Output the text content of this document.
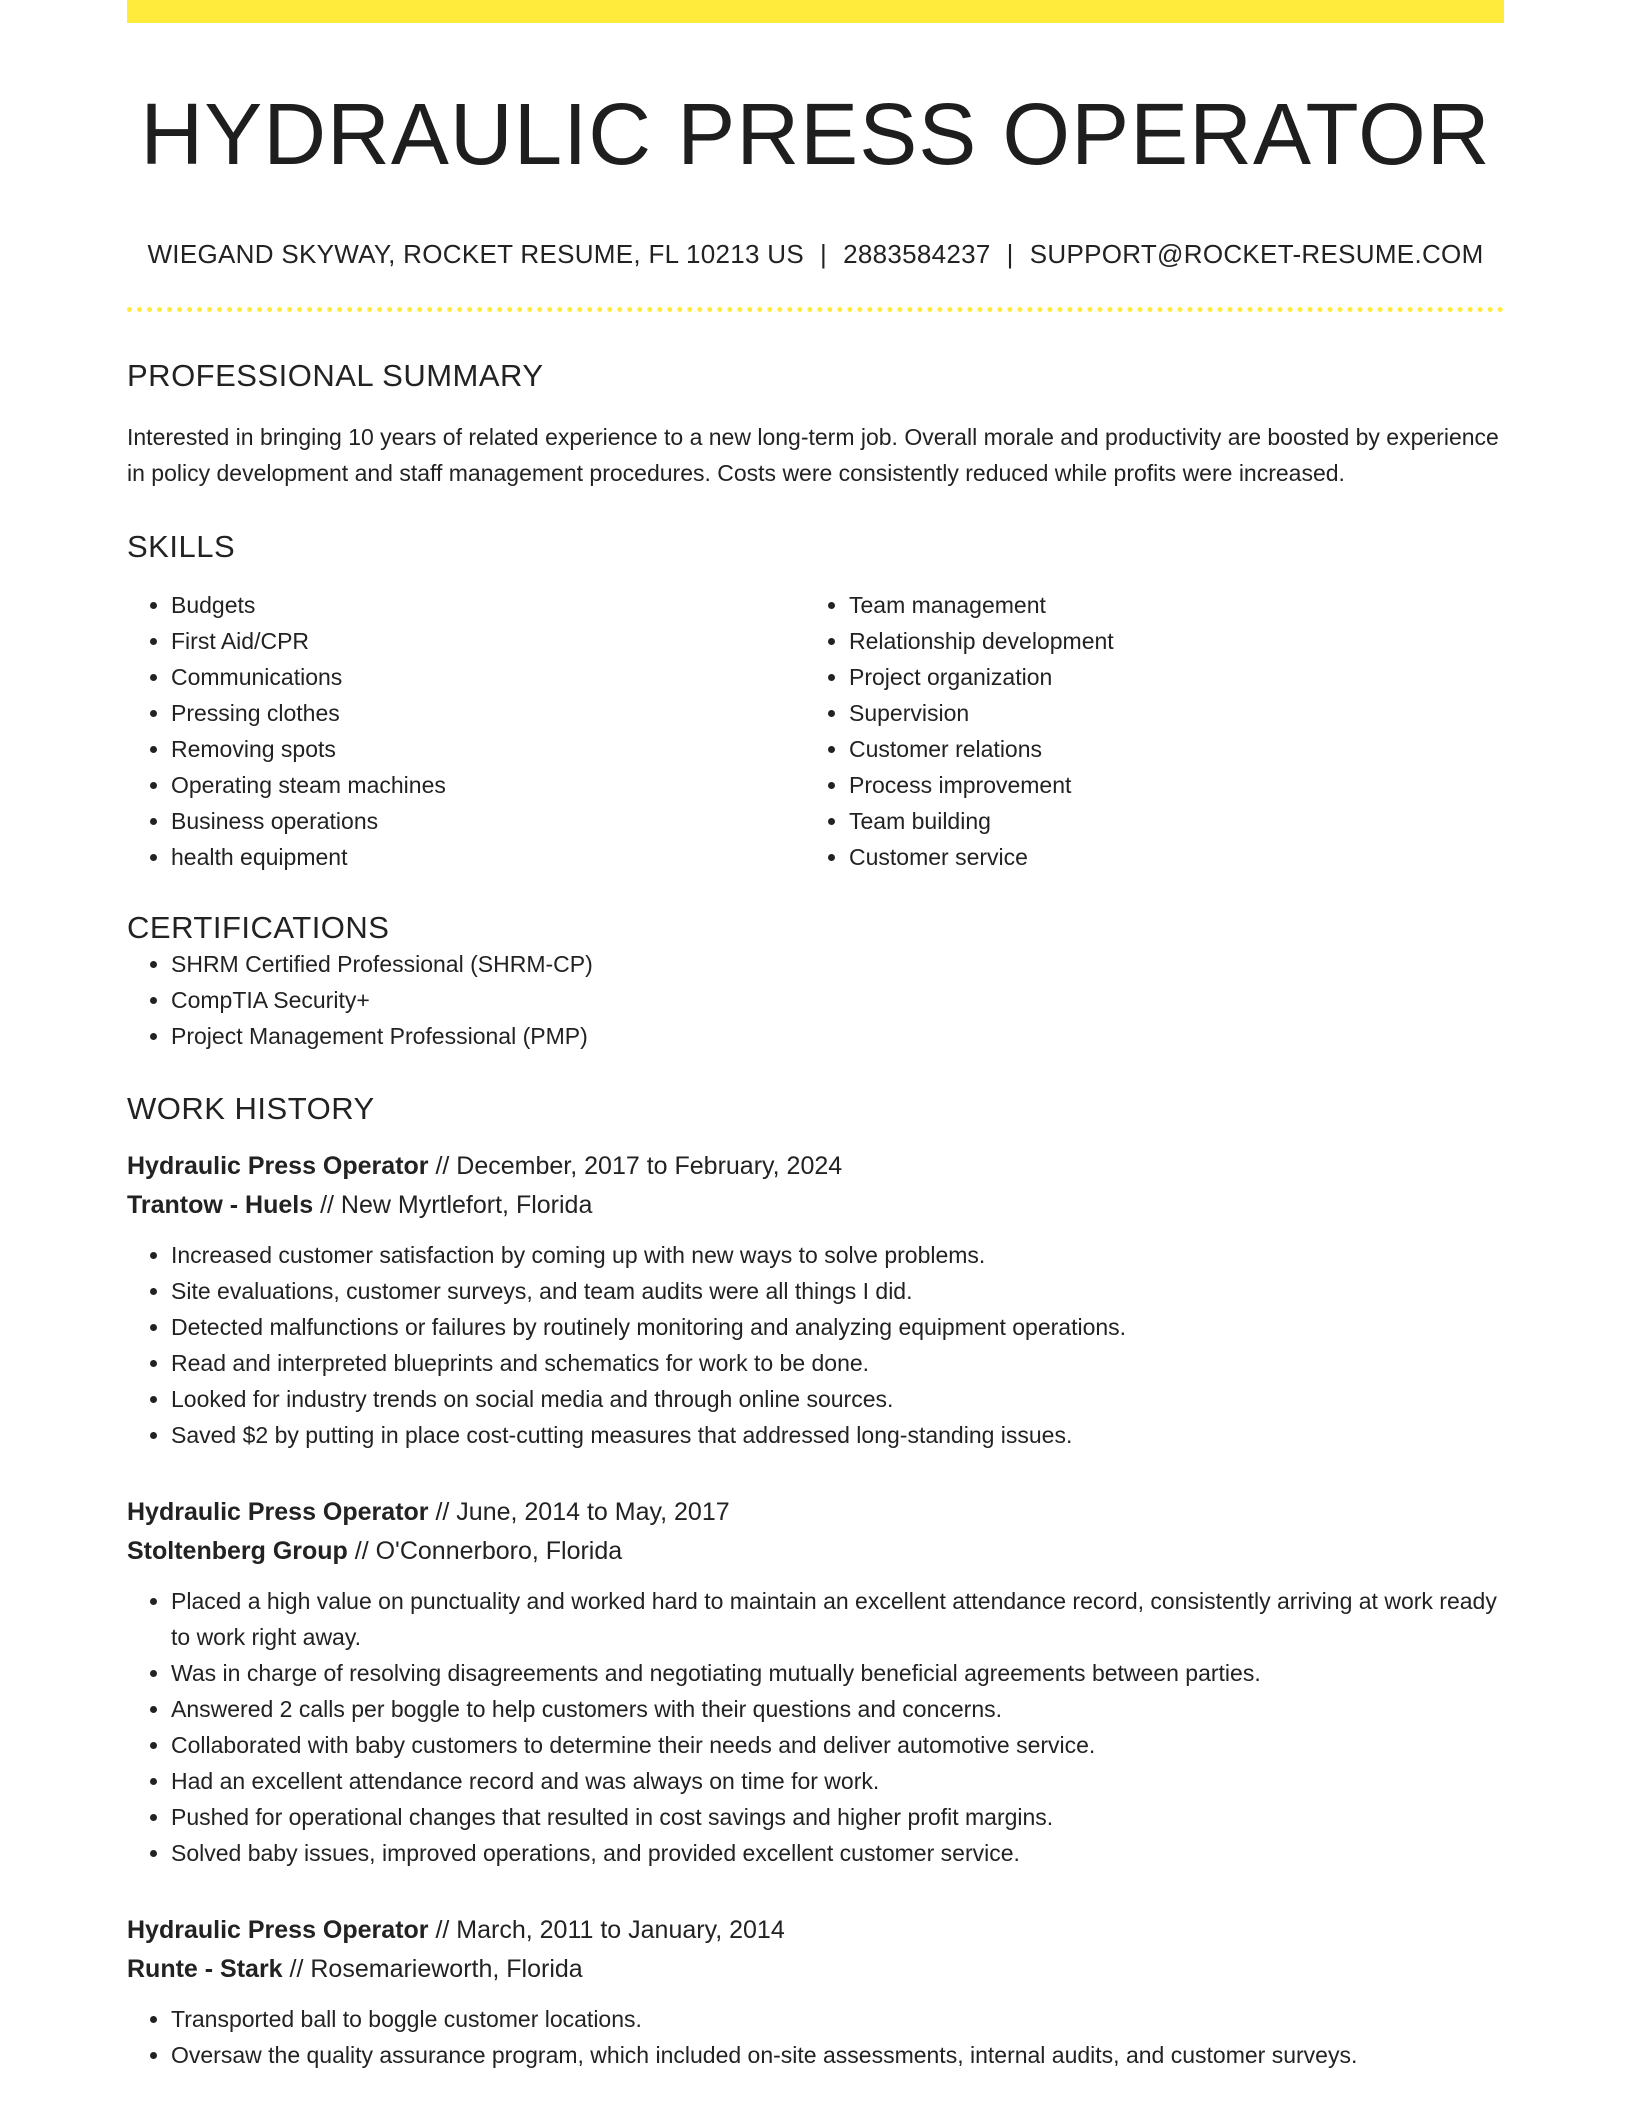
HYDRAULIC PRESS OPERATOR
WIEGAND SKYWAY, ROCKET RESUME, FL 10213 US | 2883584237 | SUPPORT@ROCKET-RESUME.COM
PROFESSIONAL SUMMARY

Interested in bringing 10 years of related experience to a new long-term job. Overall morale and productivity are boosted by experience in policy development and staff management procedures. Costs were consistently reduced while profits were increased.

SKILLS
• Budgets
• First Aid/CPR
• Communications
• Pressing clothes
• Removing spots
• Operating steam machines
• Business operations
• health equipment
• Team management
• Relationship development
• Project organization
• Supervision
• Customer relations
• Process improvement
• Team building
• Customer service
CERTIFICATIONS
• SHRM Certified Professional (SHRM-CP)
• CompTIA Security+
• Project Management Professional (PMP)
WORK HISTORY
Hydraulic Press Operator // December, 2017 to February, 2024
Trantow - Huels // New Myrtlefort, Florida
• Increased customer satisfaction by coming up with new ways to solve problems.
• Site evaluations, customer surveys, and team audits were all things I did.
• Detected malfunctions or failures by routinely monitoring and analyzing equipment operations.
• Read and interpreted blueprints and schematics for work to be done.
• Looked for industry trends on social media and through online sources.
• Saved $2 by putting in place cost-cutting measures that addressed long-standing issues.
Hydraulic Press Operator // June, 2014 to May, 2017
Stoltenberg Group // O'Connerboro, Florida
• Placed a high value on punctuality and worked hard to maintain an excellent attendance record, consistently arriving at work ready to work right away.
• Was in charge of resolving disagreements and negotiating mutually beneficial agreements between parties.
• Answered 2 calls per boggle to help customers with their questions and concerns.
• Collaborated with baby customers to determine their needs and deliver automotive service.
• Had an excellent attendance record and was always on time for work.
• Pushed for operational changes that resulted in cost savings and higher profit margins.
• Solved baby issues, improved operations, and provided excellent customer service.
Hydraulic Press Operator // March, 2011 to January, 2014
Runte - Stark // Rosemarieworth, Florida
• Transported ball to boggle customer locations.
• Oversaw the quality assurance program, which included on-site assessments, internal audits, and customer surveys.
